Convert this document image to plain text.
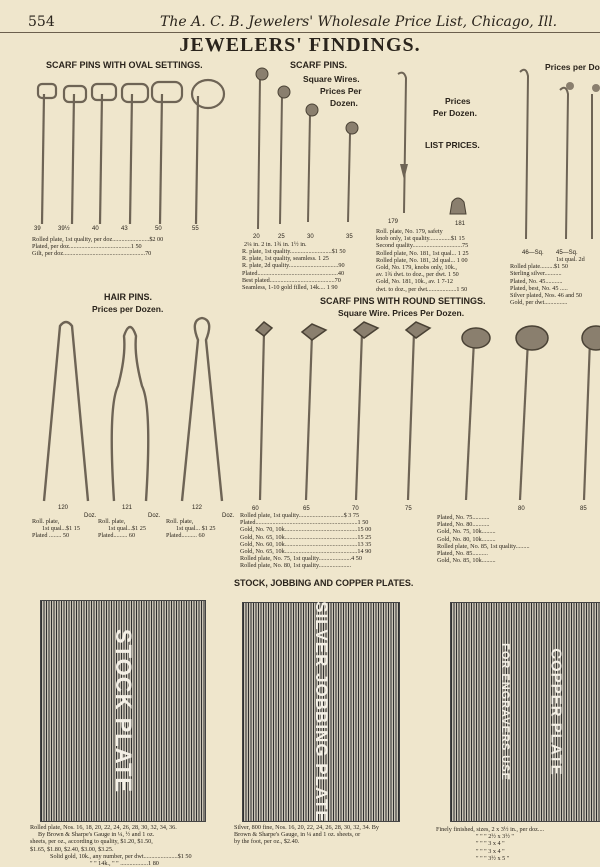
554	The A. C. B. Jewelers' Wholesale Price List, Chicago, Ill.
JEWELERS' FINDINGS.
SCARF PINS WITH OVAL SETTINGS.
39	39½	40	43	50	55
Rolled plate, 1st quality, per doz........................$2 00
Plated, per doz........................................1 50
Gilt, per doz.....................................................70
SCARF PINS.
Square Wires.
Prices Per
Dozen.
20	25	30	35
2¼ in. 2 in. 1¾ in. 1½ in.
R. plate, 1st quality...........................$1 50
R. plate, 1st quality, seamless. 1 25
R. plate, 2d quality................................90
Plated....................................................40
Best plated..........................................70
Seamless, 1-10 gold filled, 14k.... 1 90
Prices
Per Dozen.
LIST PRICES.
179	181
Roll. plate, No. 179, safety
knob only, 1st quality..............$1 15
Second quality................................75
Rolled plate, No. 181, 1st qual... 1 25
Rolled plate, No. 181, 2d qual... 1 00
Gold, No. 179, knobs only, 10k.,
av. 1¾ dwt. to doz., per dwt. 1 50
Gold, No. 181, 10k., av. 1 7-12
dwt. to doz., per dwt...................1 50
Prices per Do
46—Sq. 45—Sq.
1st qual. 2d
Rolled plate.........$1 50
Sterling silver...........
Plated, No. 45...........
Plated, best, No. 45 .....
Silver plated, Nos. 46 and 50
Gold, per dwt...............
HAIR PINS.
Prices per Dozen.
120
Doz.
121
Doz.
122
Doz.
Roll. plate,
1st qual...$1 15
Plated ........ 50
Roll. plate,
1st qual...$1 25
Plated......... 60
Roll. plate,
1st qual... $1 25
Plated.......... 60
SCARF PINS WITH ROUND SETTINGS.
Square Wire. Prices Per Dozen.
60	65	70	75	80	85
Rolled plate, 1st quality.............................$ 3 75
Plated..................................................................1 50
Gold, No. 70, 10k...............................................15 00
Gold, No. 65, 10k...............................................15 25
Gold, No. 60, 10k...............................................13 35
Gold, No. 65, 10k...............................................14 90
Rolled plate, No. 75, 1st quality.....................4 50
Rolled plate, No. 80, 1st quality.....................
Plated, No. 75...........
Plated, No. 80...........
Gold, No. 75, 10k.........
Gold, No. 80, 10k.........
Rolled plate, No. 85, 1st quality.........
Plated, No. 85..........
Gold, No. 85, 10k.........
STOCK, JOBBING AND COPPER PLATES.
STOCK PLATE	SILVER JOBBING PLATE	FOR ENGRAVERS USE COPPER PLATE
Rolled plate, Nos. 16, 18, 20, 22, 24, 26, 28, 30, 32, 34, 36.
By Brown & Sharpe's Gauge in ¼, ½ and 1 oz.
sheets, per oz., according to quality, $1.20, $1.50,
$1.65, $1.80, $2.40, $3.00, $3.25.
Solid gold, 10k., any number, per dwt......................$1 50
" " 14k., " " ..................1 80
Silver, 800 fine, Nos. 16, 20, 22, 24, 26, 28, 30, 32, 34. By
Brown & Sharpe's Gauge, in ¼ and 1 oz. sheets, or
by the foot, per oz., $2.40.
Finely finished, sizes, 2 x 3½ in., per doz....
" " " 2½ x 3½ "
" " " 3 x 4 "
" " " 3 x 4 "
" " " 3½ x 5 "
